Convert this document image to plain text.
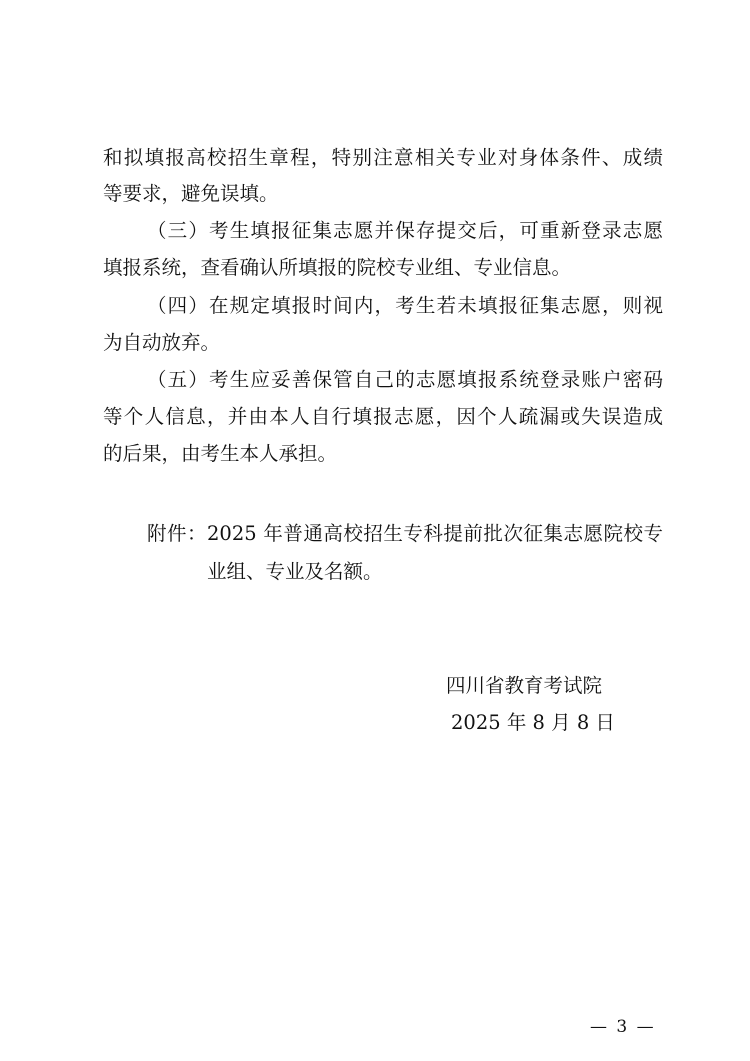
和拟填报高校招生章程，特别注意相关专业对身体条件、成绩
等要求，避免误填。
（三）考生填报征集志愿并保存提交后，可重新登录志愿
填报系统，查看确认所填报的院校专业组、专业信息。
（四）在规定填报时间内，考生若未填报征集志愿，则视
为自动放弃。
（五）考生应妥善保管自己的志愿填报系统登录账户密码
等个人信息，并由本人自行填报志愿，因个人疏漏或失误造成
的后果，由考生本人承担。
附件：2025 年普通高校招生专科提前批次征集志愿院校专
业组、专业及名额。
四川省教育考试院
2025 年 8 月 8 日
— 3 —
